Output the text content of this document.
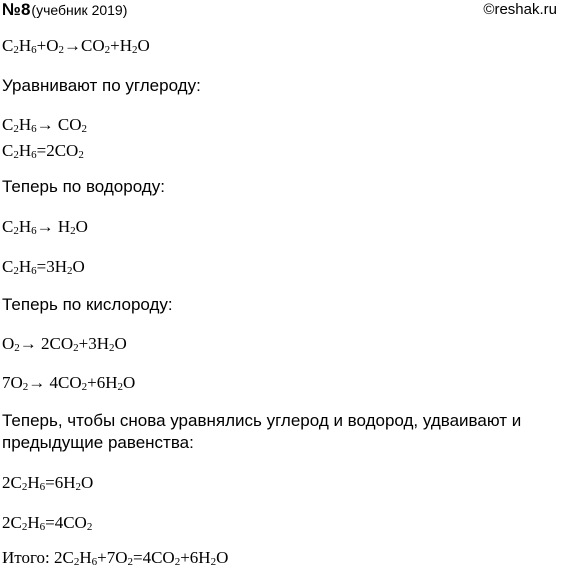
№8(учебник 2019)	©reshak.ru
$C_2H_6+O_2\to CO_2+H_2O$
Уравнивают по углероду:
$C_2H_6\to CO_2$
$C_2H_6=2CO_2$
Теперь по водороду:
$C_2H_6\to H_2O$
$C_2H_6=3H_2O$
Теперь по кислороду:
$O_2\to 2CO_2+3H_2O$
$7O_2\to 4CO_2+6H_2O$
Теперь, чтобы снова уравнялись углерод и водород, удваивают и
предыдущие равенства:
$2C_2H_6=6H_2O$
$2C_2H_6=4CO_2$
Итого: $2C_2H_6+7O_2=4CO_2+6H_2O$
